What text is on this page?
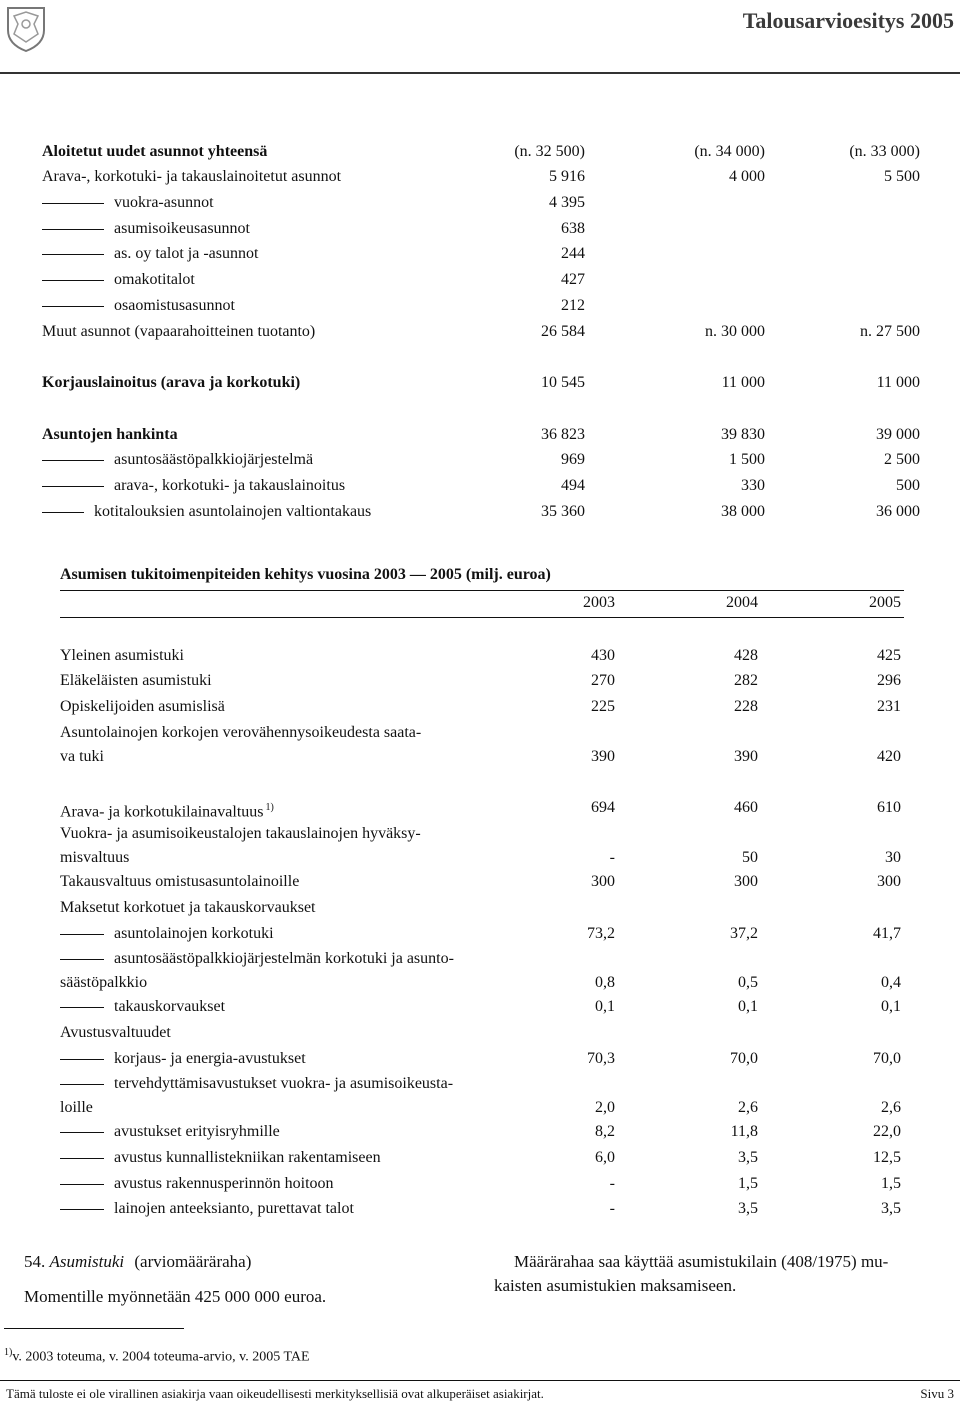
Talousarvioesitys 2005
Aloitetut uudet asunnot yhteensä	(n. 32 500)	(n. 34 000)	(n. 33 000)
Arava-, korkotuki- ja takauslainoitetut asunnot	5 916	4 000	5 500
vuokra-asunnot	4 395
asumisoikeusasunnot	638
as. oy talot ja -asunnot	244
omakotitalot	427
osaomistusasunnot	212
Muut asunnot (vapaarahoitteinen tuotanto)	26 584	n. 30 000	n. 27 500
Korjauslainoitus (arava ja korkotuki)	10 545	11 000	11 000
Asuntojen hankinta	36 823	39 830	39 000
asuntosäästöpalkkiojärjestelmä	969	1 500	2 500
arava-, korkotuki- ja takauslainoitus	494	330	500
kotitalouksien asuntolainojen valtiontakaus	35 360	38 000	36 000
Asumisen tukitoimenpiteiden kehitys vuosina 2003 — 2005 (milj. euroa)
2003	2004	2005
Yleinen asumistuki	430	428	425
Eläkeläisten asumistuki	270	282	296
Opiskelijoiden asumislisä	225	228	231
Asuntolainojen korkojen verovähennysoikeudesta saata-
va tuki	390	390	420
Arava- ja korkotukilainavaltuus $^{1)}$	694	460	610
Vuokra- ja asumisoikeustalojen takauslainojen hyväksy-
misvaltuus	-	50	30
Takausvaltuus omistusasuntolainoille	300	300	300
Maksetut korkotuet ja takauskorvaukset
asuntolainojen korkotuki	73,2	37,2	41,7
asuntosäästöpalkkiojärjestelmän korkotuki ja asunto-
säästöpalkkio	0,8	0,5	0,4
takauskorvaukset	0,1	0,1	0,1
Avustusvaltuudet
korjaus- ja energia-avustukset	70,3	70,0	70,0
tervehdyttämisavustukset vuokra- ja asumisoikeusta-
loille	2,0	2,6	2,6
avustukset erityisryhmille	8,2	11,8	22,0
avustus kunnallistekniikan rakentamiseen	6,0	3,5	12,5
avustus rakennusperinnön hoitoon	-	1,5	1,5
lainojen anteeksianto, purettavat talot	-	3,5	3,5
54. Asumistuki (arviomääräraha)
Momentille myönnetään 425 000 000 euroa.
Määrärahaa saa käyttää asumistukilain (408/1975) mu-
kaisten asumistukien maksamiseen.
$^{1)}$v. 2003 toteuma, v. 2004 toteuma-arvio, v. 2005 TAE
Tämä tuloste ei ole virallinen asiakirja vaan oikeudellisesti merkityksellisiä ovat alkuperäiset asiakirjat.	Sivu 3
